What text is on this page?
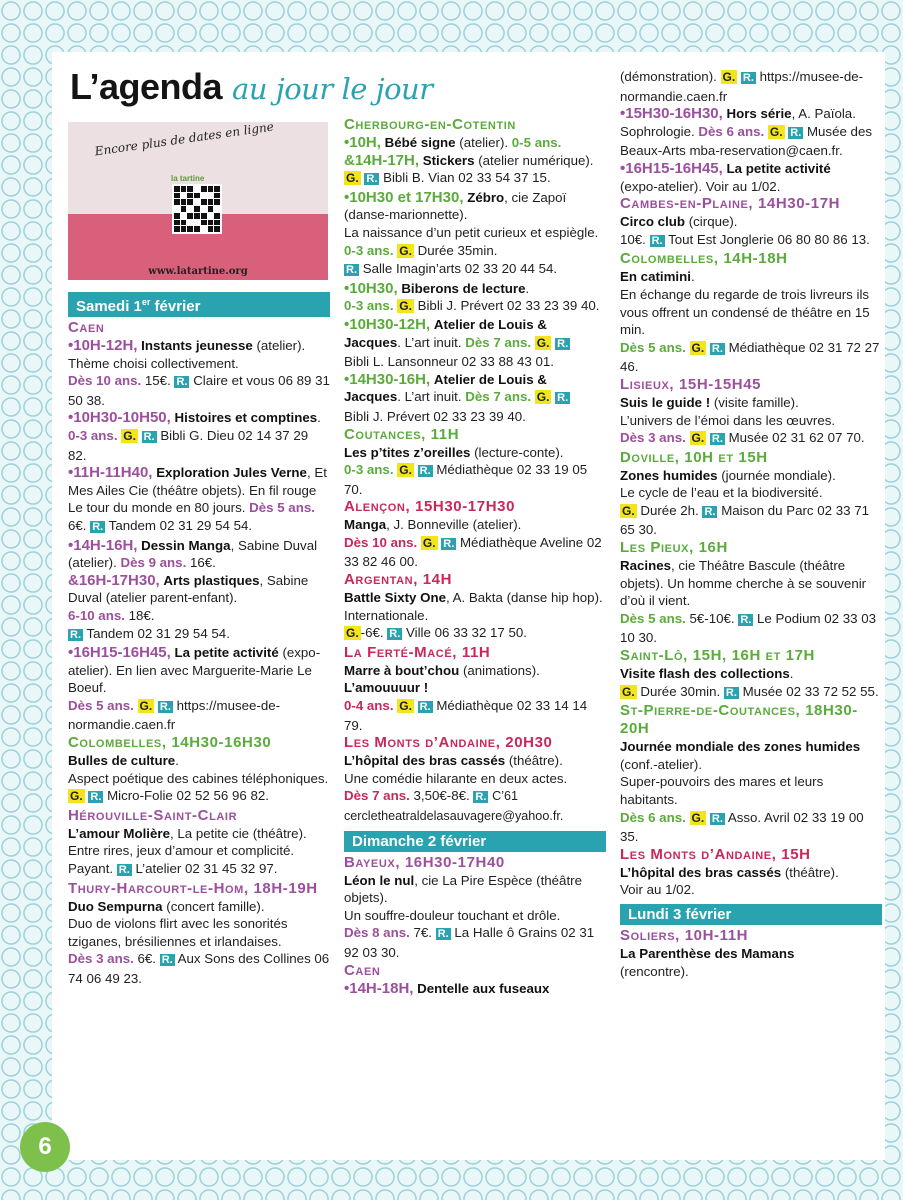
L’agenda au jour le jour
Encore plus de dates en ligne
la tartine
www.latartine.org
Samedi 1er février
Caen

•10H-12H, Instants jeunesse (atelier). Thème choisi collectivement.
Dès 10 ans. 15€. R. Claire et vous 06 89 31 50 38.

•10H30-10H50, Histoires et comptines. 0-3 ans. G. R. Bibli G. Dieu 02 14 37 29 82.

•11H-11H40, Exploration Jules Verne, Et Mes Ailes Cie (théâtre objets). En fil rouge Le tour du monde en 80 jours. Dès 5 ans. 6€. R. Tandem 02 31 29 54 54.

•14H-16H, Dessin Manga, Sabine Duval (atelier). Dès 9 ans. 16€.

&16H-17H30, Arts plastiques, Sabine Duval (atelier parent-enfant).
6-10 ans. 18€.
R. Tandem 02 31 29 54 54.

•16H15-16H45, La petite activité (expo-atelier). En lien avec Marguerite-Marie Le Boeuf.
Dès 5 ans. G. R. https://musee-de-normandie.caen.fr

Colombelles, 14H30-16H30

Bulles de culture.
Aspect poétique des cabines téléphoniques.
G. R. Micro-Folie 02 52 56 96 82.

Hérouville-Saint-Clair

L’amour Molière, La petite cie (théâtre).
Entre rires, jeux d’amour et complicité.
Payant. R. L’atelier 02 31 45 32 97.

Thury-Harcourt-le-Hom, 18H-19H

Duo Sempurna (concert famille).
Duo de violons flirt avec les sonorités tziganes, brésiliennes et irlandaises.
Dès 3 ans. 6€. R. Aux Sons des Collines 06 74 06 49 23.

Cherbourg-en-Cotentin

•10H, Bébé signe (atelier). 0-5 ans.
&14H-17H, Stickers (atelier numérique).
G. R. Bibli B. Vian 02 33 54 37 15.

•10H30 et 17H30, Zébro, cie Zapoï (danse-marionnette).
La naissance d’un petit curieux et espiègle. 0-3 ans. G. Durée 35min.
R. Salle Imagin’arts 02 33 20 44 54.

•10H30, Biberons de lecture.
0-3 ans. G. Bibli J. Prévert 02 33 23 39 40.

•10H30-12H, Atelier de Louis & Jacques. L’art inuit. Dès 7 ans. G. R.
Bibli L. Lansonneur 02 33 88 43 01.

•14H30-16H, Atelier de Louis & Jacques. L’art inuit. Dès 7 ans. G. R.
Bibli J. Prévert 02 33 23 39 40.

Coutances, 11H

Les p’tites z’oreilles (lecture-conte).
0-3 ans. G. R. Médiathèque 02 33 19 05 70.

Alençon, 15H30-17H30

Manga, J. Bonneville (atelier).
Dès 10 ans. G. R. Médiathèque Aveline 02 33 82 46 00.

Argentan, 14H

Battle Sixty One, A. Bakta (danse hip hop).
Internationale.
G. -6€. R. Ville 06 33 32 17 50.

La Ferté-Macé, 11H

Marre à bout’chou (animations).
L’amouuuur !
0-4 ans. G. R. Médiathèque 02 33 14 14 79.

Les Monts d’Andaine, 20H30

L’hôpital des bras cassés (théâtre).
Une comédie hilarante en deux actes.
Dès 7 ans. 3,50€-8€. R. C’61 cercletheatraldelasauvagere@yahoo.fr.

Dimanche 2 février
Bayeux, 16H30-17H40

Léon le nul, cie La Pire Espèce (théâtre objets).
Un souffre-douleur touchant et drôle.
Dès 8 ans. 7€. R. La Halle ô Grains 02 31 92 03 30.

Caen

•14H-18H, Dentelle aux fuseaux

(démonstration). G. R. https://musee-de-normandie.caen.fr

•15H30-16H30, Hors série, A. Païola. Sophrologie. Dès 6 ans. G. R. Musée des Beaux-Arts mba-reservation@caen.fr.

•16H15-16H45, La petite activité
(expo-atelier). Voir au 1/02.

Cambes-en-Plaine, 14H30-17H

Circo club (cirque).
10€. R. Tout Est Jonglerie 06 80 80 86 13.

Colombelles, 14H-18H

En catimini.
En échange du regarde de trois livreurs ils vous offrent un condensé de théâtre en 15 min.
Dès 5 ans. G. R. Médiathèque 02 31 72 27 46.

Lisieux, 15H-15H45

Suis le guide ! (visite famille).
L’univers de l’émoi dans les œuvres.
Dès 3 ans. G. R. Musée 02 31 62 07 70.

Doville, 10H et 15H

Zones humides (journée mondiale).
Le cycle de l’eau et la biodiversité.
G. Durée 2h. R. Maison du Parc 02 33 71 65 30.

Les Pieux, 16H

Racines, cie Théâtre Bascule (théâtre objets). Un homme cherche à se souvenir d’où il vient.
Dès 5 ans. 5€-10€. R. Le Podium 02 33 03 10 30.

Saint-Lô, 15H, 16H et 17H

Visite flash des collections.
G. Durée 30min. R. Musée 02 33 72 52 55.

St-Pierre-de-Coutances, 18H30-20H

Journée mondiale des zones humides (conf.-atelier).
Super-pouvoirs des mares et leurs habitants.
Dès 6 ans. G. R. Asso. Avril 02 33 19 00 35.

Les Monts d’Andaine, 15H

L’hôpital des bras cassés (théâtre).
Voir au 1/02.

Lundi 3 février
Soliers, 10H-11H

La Parenthèse des Mamans
(rencontre).

6
